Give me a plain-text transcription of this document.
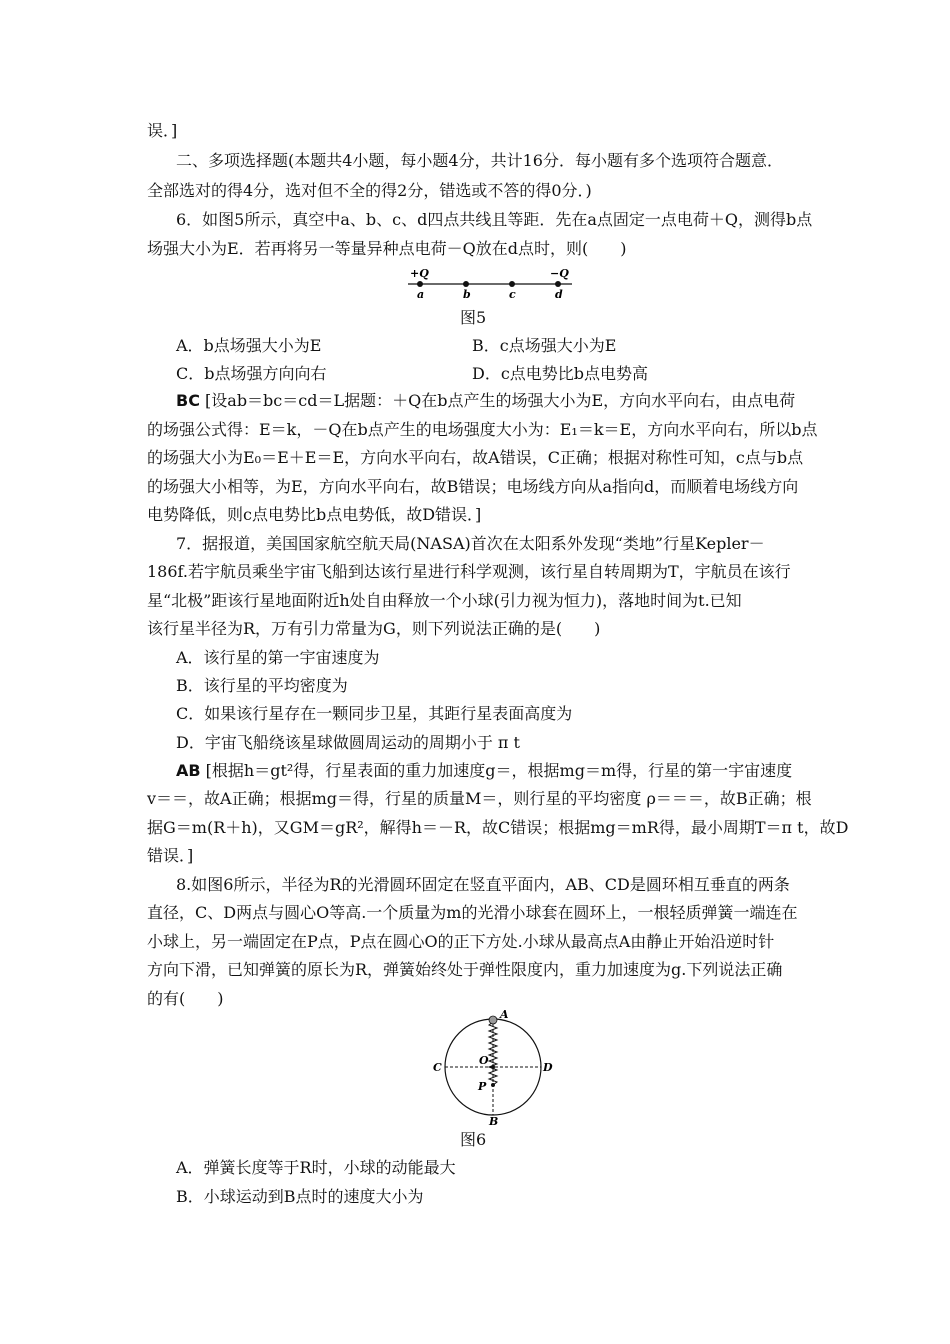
误．]
二、多项选择题(本题共4小题，每小题4分，共计16分．每小题有多个选项符合题意．
全部选对的得4分，选对但不全的得2分，错选或不答的得0分．)
6．如图5所示，真空中a、b、c、d四点共线且等距．先在a点固定一点电荷＋Q，测得b点
场强大小为E．若再将另一等量异种点电荷－Q放在d点时，则(　　)
+Q	−Q
a	b	c	d
图5
A．b点场强大小为E	B．c点场强大小为E
C．b点场强方向向右	D．c点电势比b点电势高
BC [设ab＝bc＝cd＝L据题：＋Q在b点产生的场强大小为E，方向水平向右，由点电荷
的场强公式得：E＝k，－Q在b点产生的电场强度大小为：E₁＝k＝E，方向水平向右，所以b点
的场强大小为E₀＝E＋E＝E，方向水平向右，故A错误，C正确；根据对称性可知，c点与b点
的场强大小相等，为E，方向水平向右，故B错误；电场线方向从a指向d，而顺着电场线方向
电势降低，则c点电势比b点电势低，故D错误．]
7．据报道，美国国家航空航天局(NASA)首次在太阳系外发现“类地”行星Kepler－
186f.若宇航员乘坐宇宙飞船到达该行星进行科学观测，该行星自转周期为T，宇航员在该行
星“北极”距该行星地面附近h处自由释放一个小球(引力视为恒力)，落地时间为t.已知
该行星半径为R，万有引力常量为G，则下列说法正确的是(　　)
A．该行星的第一宇宙速度为
B．该行星的平均密度为
C．如果该行星存在一颗同步卫星，其距行星表面高度为
D．宇宙飞船绕该星球做圆周运动的周期小于 π t
AB [根据h＝gt²得，行星表面的重力加速度g＝，根据mg＝m得，行星的第一宇宙速度
v＝＝，故A正确；根据mg＝得，行星的质量M＝，则行星的平均密度 ρ＝＝＝，故B正确；根
据G＝m(R＋h)，又GM＝gR²，解得h＝－R，故C错误；根据mg＝mR得，最小周期T＝π t，故D
错误．]
8.如图6所示，半径为R的光滑圆环固定在竖直平面内，AB、CD是圆环相互垂直的两条
直径，C、D两点与圆心O等高.一个质量为m的光滑小球套在圆环上，一根轻质弹簧一端连在
小球上，另一端固定在P点，P点在圆心O的正下方处.小球从最高点A由静止开始沿逆时针
方向下滑，已知弹簧的原长为R，弹簧始终处于弹性限度内，重力加速度为g.下列说法正确
的有(　　)
A
B
C	D
O
P
图6
A．弹簧长度等于R时，小球的动能最大
B．小球运动到B点时的速度大小为
